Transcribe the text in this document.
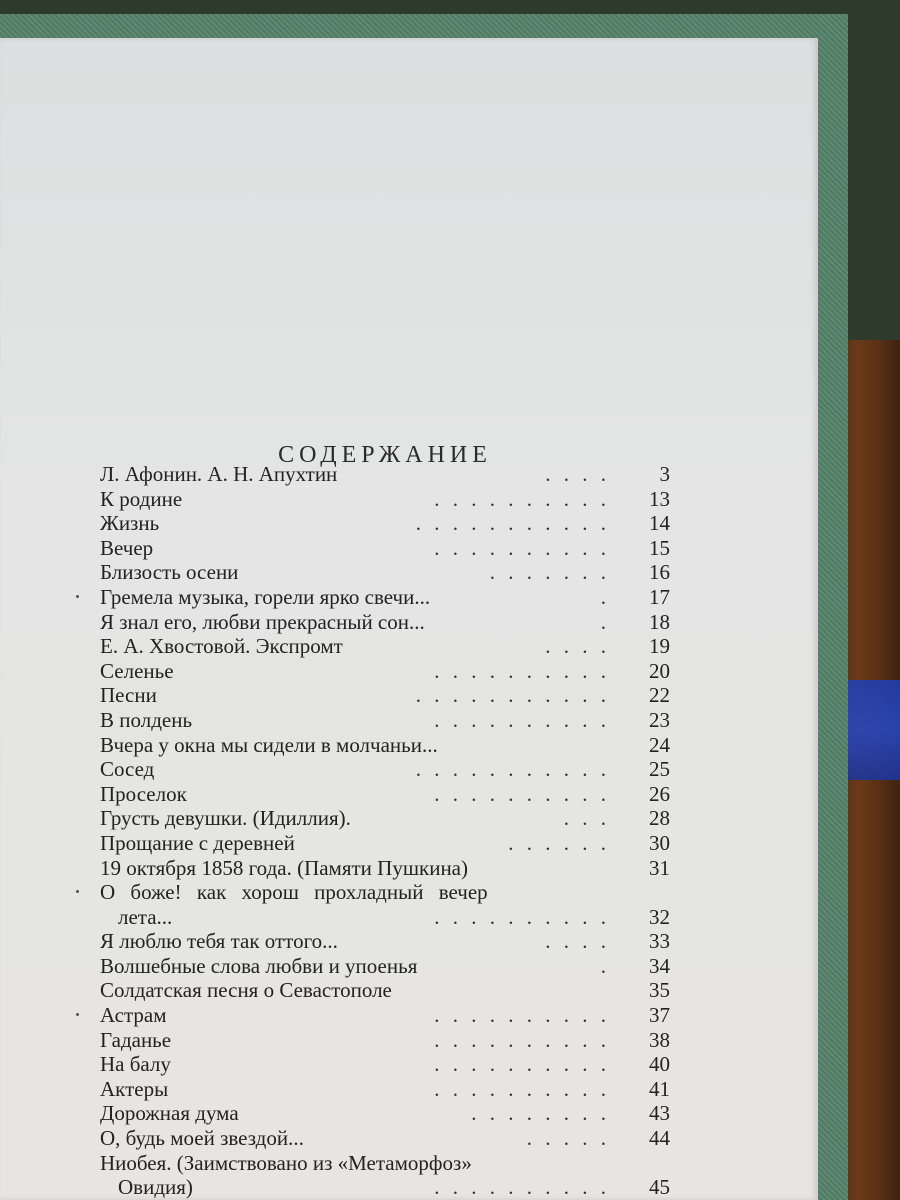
СОДЕРЖАНИЕ
Л. Афонин. А. Н. Апухтин	. . . . 3
К родине	. . . . . . . . . . 13
Жизнь	. . . . . . . . . . . 14
Вечер	. . . . . . . . . . 15
Близость осени	. . . . . . . 16
Гремела музыка, горели ярко свечи...	. 17
Я знал его, любви прекрасный сон...	. 18
Е. А. Хвостовой. Экспромт	. . . . 19
Селенье	. . . . . . . . . . 20
Песни	. . . . . . . . . . . 22
В полдень	. . . . . . . . . . 23
Вчера у окна мы сидели в молчаньи...	24
Сосед	. . . . . . . . . . . 25
Проселок	. . . . . . . . . . 26
Грусть девушки. (Идиллия).	. . . 28
Прощание с деревней	. . . . . . 30
19 октября 1858 года. (Памяти Пушкина)	31
О боже! как хорош прохладный вечер
лета...	. . . . . . . . . . 32
Я люблю тебя так оттого...	. . . . 33
Волшебные слова любви и упоенья	. 34
Солдатская песня о Севастополе	35
Астрам	. . . . . . . . . . 37
Гаданье	. . . . . . . . . . 38
На балу	. . . . . . . . . . 40
Актеры	. . . . . . . . . . 41
Дорожная дума	. . . . . . . . 43
О, будь моей звездой...	. . . . . 44
Ниобея. (Заимствовано из «Метаморфоз»
Овидия)	. . . . . . . . . . 45
